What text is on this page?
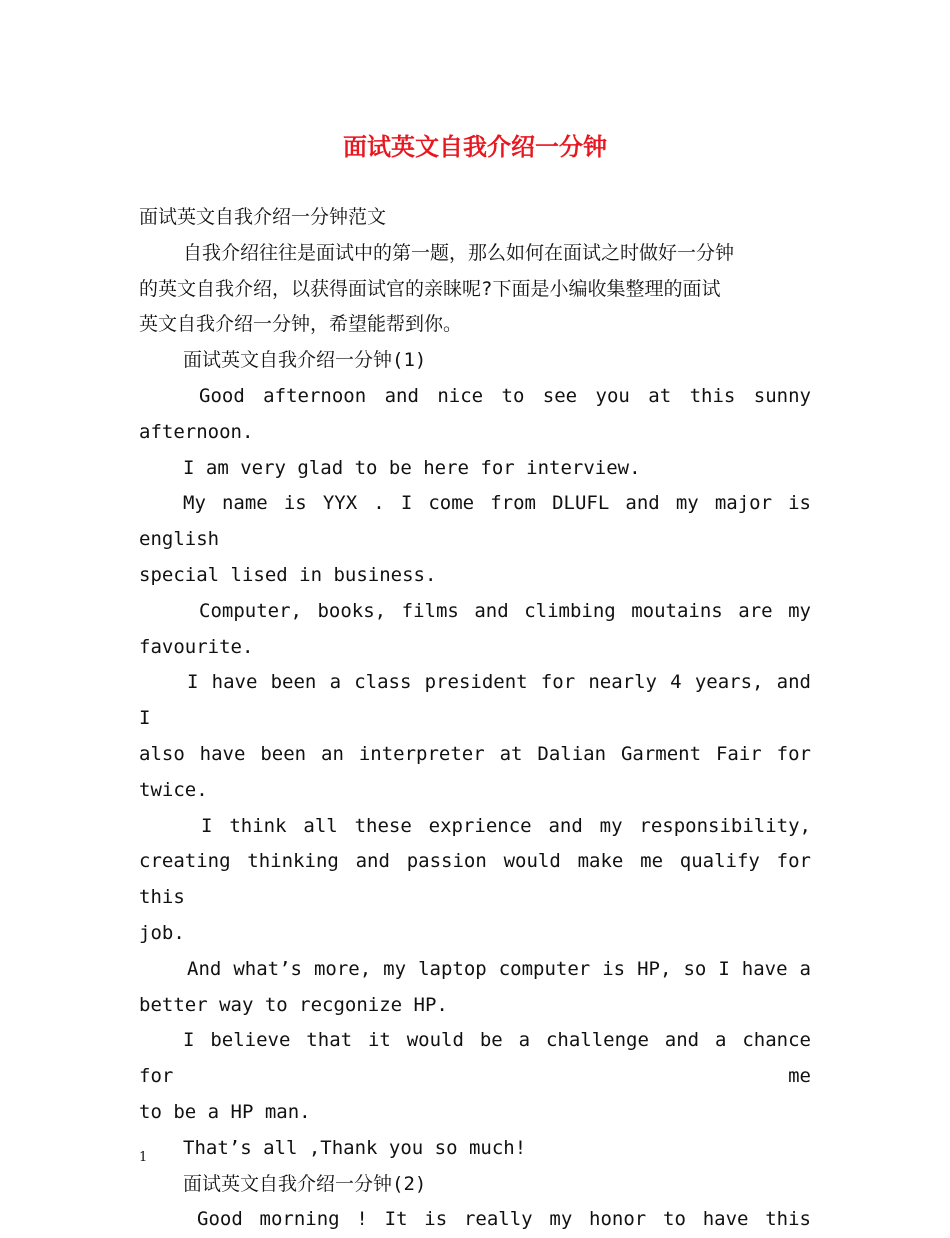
面试英文自我介绍一分钟

面试英文自我介绍一分钟范文

自我介绍往往是面试中的第一题，那么如何在面试之时做好一分钟

的英文自我介绍，以获得面试官的亲睐呢?下面是小编收集整理的面试

英文自我介绍一分钟，希望能帮到你。

面试英文自我介绍一分钟(1)

Good afternoon and nice to see you at this sunny

afternoon.

I am very glad to be here for interview.

My name is YYX . I come from DLUFL and my major is english

special lised in business.

Computer, books, films and climbing moutains are my

favourite.

I have been a class president for nearly 4 years, and I

also have been an interpreter at Dalian Garment Fair for

twice.

I think all these exprience and my responsibility,

creating thinking and passion would make me qualify for this

job.

And what’s more, my laptop computer is HP, so I have a

better way to recgonize HP.

I believe that it would be a challenge and a chance for me

to be a HP man.

That’s all ,Thank you so much!

面试英文自我介绍一分钟(2)

Good morning ! It is really my honor to have this

1
